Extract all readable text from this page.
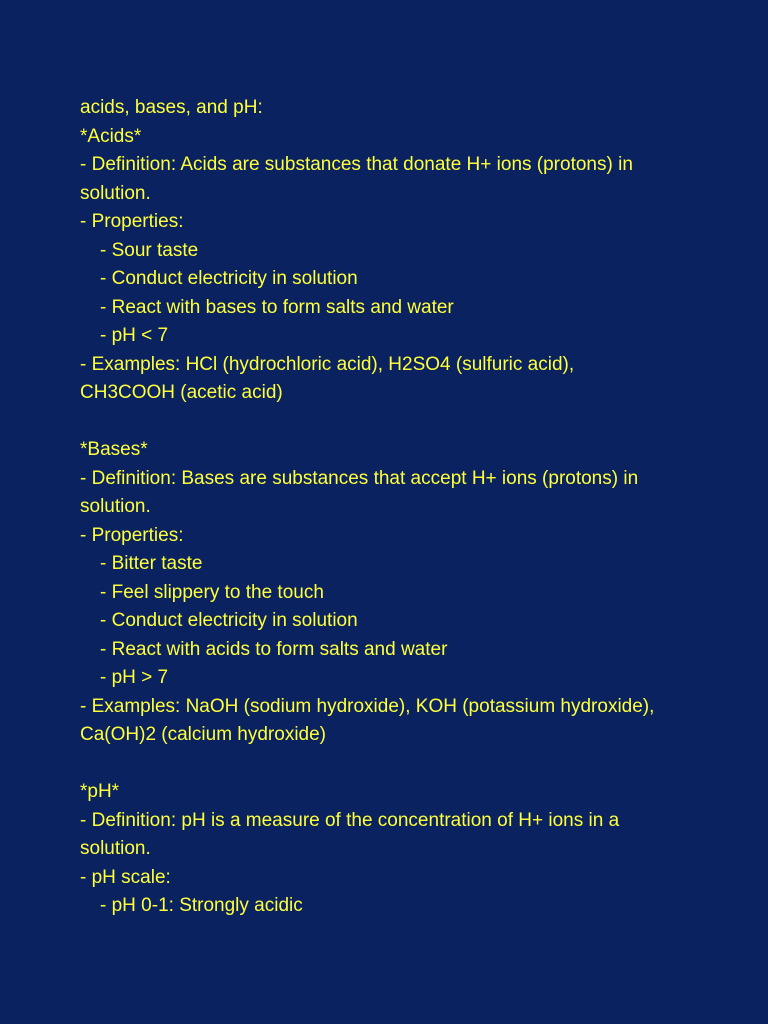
acids, bases, and pH:
*Acids*
- Definition: Acids are substances that donate H+ ions (protons) in
solution.
- Properties:
- Sour taste
- Conduct electricity in solution
- React with bases to form salts and water
- pH < 7
- Examples: HCl (hydrochloric acid), H2SO4 (sulfuric acid),
CH3COOH (acetic acid)
*Bases*
- Definition: Bases are substances that accept H+ ions (protons) in
solution.
- Properties:
- Bitter taste
- Feel slippery to the touch
- Conduct electricity in solution
- React with acids to form salts and water
- pH > 7
- Examples: NaOH (sodium hydroxide), KOH (potassium hydroxide),
Ca(OH)2 (calcium hydroxide)
*pH*
- Definition: pH is a measure of the concentration of H+ ions in a
solution.
- pH scale:
- pH 0-1: Strongly acidic
